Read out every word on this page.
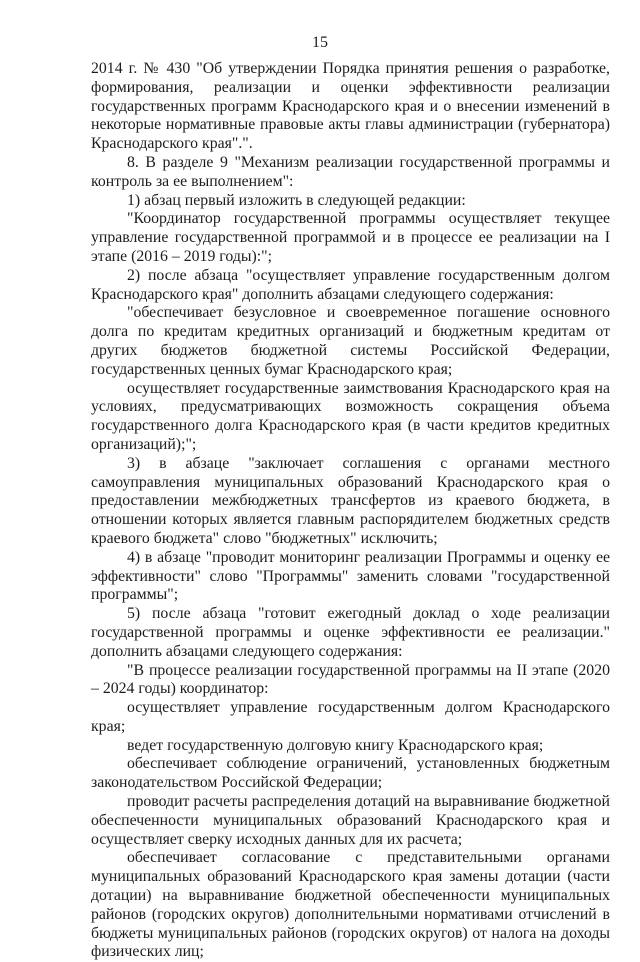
15

2014 г. № 430 "Об утверждении Порядка принятия решения о разработке, формирования, реализации и оценки эффективности реализации государственных программ Краснодарского края и о внесении изменений в некоторые нормативные правовые акты главы администрации (губернатора) Краснодарского края".".

8. В разделе 9 "Механизм реализации государственной программы и контроль за ее выполнением":

1) абзац первый изложить в следующей редакции:

"Координатор государственной программы осуществляет текущее управление государственной программой и в процессе ее реализации на I этапе (2016 – 2019 годы):";

2) после абзаца "осуществляет управление государственным долгом Краснодарского края" дополнить абзацами следующего содержания:

"обеспечивает безусловное и своевременное погашение основного долга по кредитам кредитных организаций и бюджетным кредитам от других бюджетов бюджетной системы Российской Федерации, государственных ценных бумаг Краснодарского края;

осуществляет государственные заимствования Краснодарского края на условиях, предусматривающих возможность сокращения объема государственного долга Краснодарского края (в части кредитов кредитных организаций);";

3) в абзаце "заключает соглашения с органами местного самоуправления муниципальных образований Краснодарского края о предоставлении межбюджетных трансфертов из краевого бюджета, в отношении которых является главным распорядителем бюджетных средств краевого бюджета" слово "бюджетных" исключить;

4) в абзаце "проводит мониторинг реализации Программы и оценку ее эффективности" слово "Программы" заменить словами "государственной программы";

5) после абзаца "готовит ежегодный доклад о ходе реализации государственной программы и оценке эффективности ее реализации." дополнить абзацами следующего содержания:

"В процессе реализации государственной программы на II этапе (2020 – 2024 годы) координатор:

осуществляет управление государственным долгом Краснодарского края;

ведет государственную долговую книгу Краснодарского края;

обеспечивает соблюдение ограничений, установленных бюджетным законодательством Российской Федерации;

проводит расчеты распределения дотаций на выравнивание бюджетной обеспеченности муниципальных образований Краснодарского края и осуществляет сверку исходных данных для их расчета;

обеспечивает согласование с представительными органами муниципальных образований Краснодарского края замены дотации (части дотации) на выравнивание бюджетной обеспеченности муниципальных районов (городских округов) дополнительными нормативами отчислений в бюджеты муниципальных районов (городских округов) от налога на доходы физических лиц;
